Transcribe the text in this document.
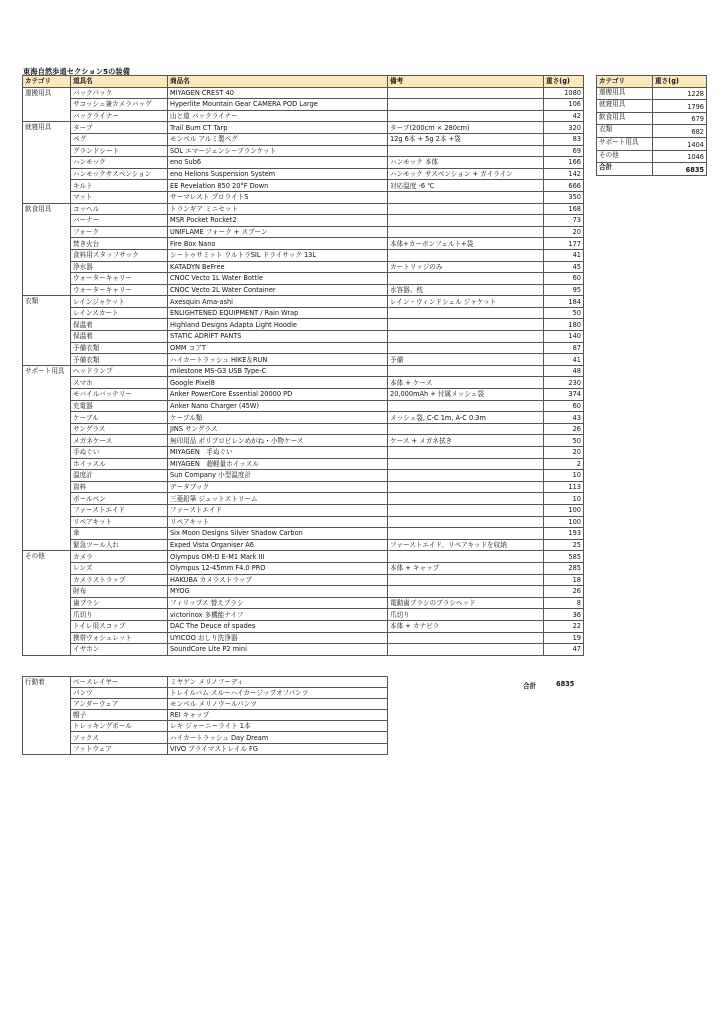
東海自然歩道セクション5の装備
カテゴリ	道具名	商品名	備考	重さ(g)
運搬用具	バックパック	MIYAGEN CREST 40		1080
	サコッシュ兼カメラバッグ	Hyperlite Mountain Gear CAMERA POD Large		106
	バックライナー	山と道 バックライナー		42
就寝用具	タープ	Trail Bum CT Tarp	タープ(200cm × 280cm)	320
	ペグ	モンベル アルミ製ペグ	12g 6本 + 5g 2本 +袋	83
	グランドシート	SOL エマージェンシーブランケット		69
	ハンモック	eno Sub6	ハンモック 本体	166
	ハンモックサスペンション	eno Helions Suspension System	ハンモック サスペンション + ガイライン	142
	キルト	EE Revelation 850 20°F Down	対応温度 -6 ℃	666
	マット	サーマレスト プロライトS		350
飲食用具	コッヘル	トランギア ミニセット		168
	バーナー	MSR Pocket Rocket2		73
	フォーク	UNIFLAME フォーク + スプーン		20
	焚き火台	Fire Box Nano	本体+カーボンフェルト+袋	177
	食料用スタッフサック	シートゥサミット ウルトラSIL ドライサック 13L		41
	浄水器	KATADYN BeFree	カートリッジのみ	45
	ウォーターキャリー	CNOC Vecto 1L Water Bottle		60
	ウォーターキャリー	CNOC Vecto 2L Water Container	水容器、枕	95
衣類	レインジャケット	Axesquin Ama-ashi	レイン・ウィンドシェル ジャケット	184
	レインスカート	ENLIGHTENED EQUIPMENT / Rain Wrap		50
	保温着	Highland Designs Adapta Light Hoodie		180
	保温着	STATIC ADRIFT PANTS		140
	予備衣類	OMM コアT		87
	予備衣類	ハイカートラッシュ HIKE＆RUN	予備	41
サポート用具	ヘッドランプ	milestone MS-G3 USB Type-C		48
	スマホ	Google Pixel8	本体 + ケース	230
	モバイルバッテリー	Anker PowerCore Essential 20000 PD	20,000mAh + 付属メッシュ袋	374
	充電器	Anker Nano Charger (45W)		60
	ケーブル	ケーブル類	メッシュ袋, C-C 1m, A-C 0.3m	43
	サングラス	JINS サングラス		26
	メガネケース	無印用品 ポリプロピレンめがね・小物ケース	ケース + メガネ拭き	50
	手ぬぐい	MIYAGEN　手ぬぐい		20
	ホイッスル	MIYAGEN　超軽量ホイッスル		2
	温度計	Sun Company 小型温度計		10
	資料	データブック		113
	ボールペン	三菱鉛筆 ジェットストリーム		10
	ファーストエイド	ファーストエイド		100
	リペアキット	リペアキット		100
	傘	Six Moon Designs Silver Shadow Carbon		193
	緊急ツール入れ	Exped Vista Organiser A6	ファーストエイド、リペアキッドを収納	25
その他	カメラ	Olympus OM-D E-M1 Mark III		585
	レンズ	Olympus 12-45mm F4.0 PRO	本体 + キャップ	285
	カメラストラップ	HAKUBA カメラストラップ		18
	財布	MYOG		26
	歯ブラシ	フィリップス 替えブラシ	電動歯ブラシのブラシヘッド	8
	爪切り	victorinox 多機能ナイフ	爪切り	36
	トイレ用スコップ	DAC The Deuce of spades	本体 + カナビラ	22
	携帯ウォシュレット	UYICOO おしり洗浄器		19
	イヤホン	SoundCore Lite P2 mini		47
合計	6835
行動着	ベースレイヤー	ミヤゲン メリノフーディ
	パンツ	トレイルバム スルーハイカージップオフパンツ
	アンダーウェア	モンベル メリノウールパンツ
	帽子	REI キャップ
	トレッキングポール	レキ ジャーニーライト 1本
	ソックス	ハイカートラッシュ Day Dream
	フットウェア	VIVO プライマストレイル FG
カテゴリ	重さ(g)
運搬用具	1228
就寝用具	1796
飲食用具	679
衣類	682
サポート用具	1404
その他	1046
合計	6835
